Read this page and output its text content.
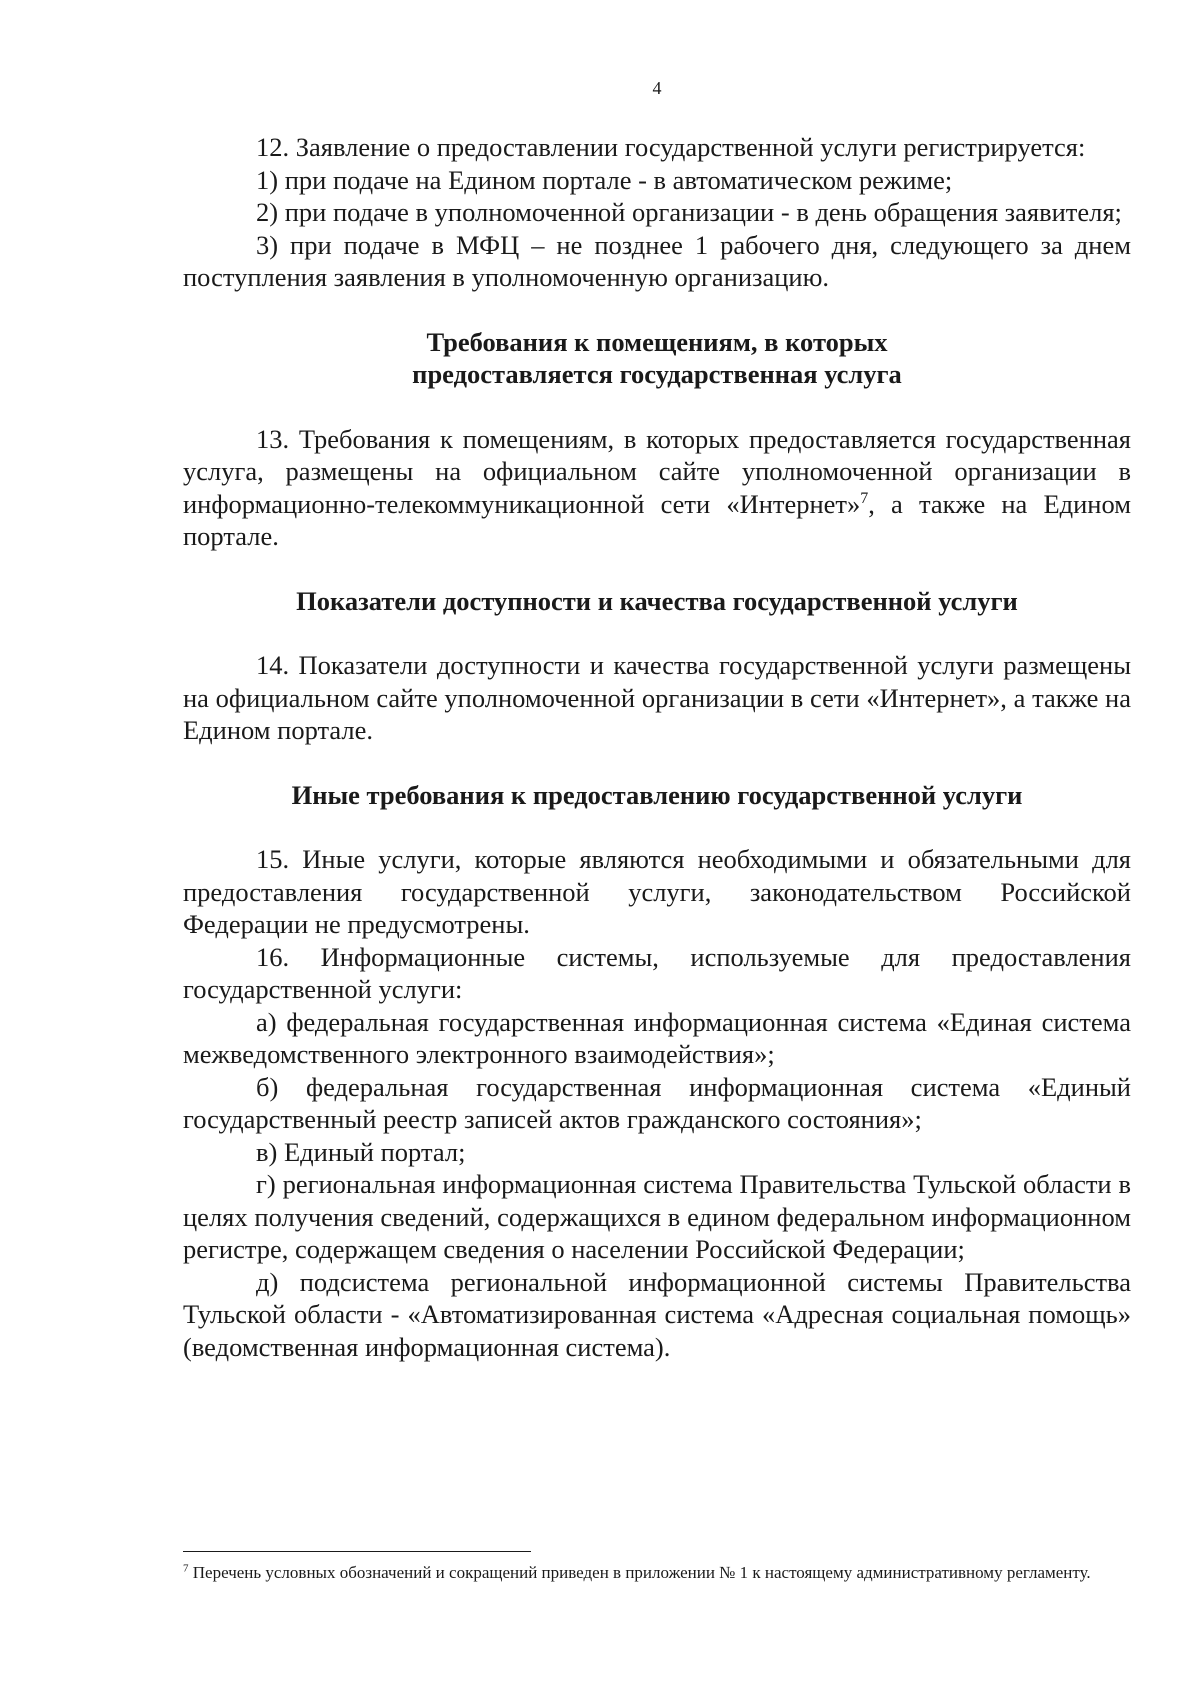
4

12. Заявление о предоставлении государственной услуги регистрируется:

1) при подаче на Едином портале - в автоматическом режиме;

2) при подаче в уполномоченной организации - в день обращения заявителя;

3) при подаче в МФЦ – не позднее 1 рабочего дня, следующего за днем поступления заявления в уполномоченную организацию.

Требования к помещениям, в которых
предоставляется государственная услуга

13. Требования к помещениям, в которых предоставляется государственная услуга, размещены на официальном сайте уполномоченной организации в информационно-телекоммуникационной сети «Интернет»$^7$, а также на Едином портале.

Показатели доступности и качества государственной услуги

14. Показатели доступности и качества государственной услуги размещены на официальном сайте уполномоченной организации в сети «Интернет», а также на Едином портале.

Иные требования к предоставлению государственной услуги

15. Иные услуги, которые являются необходимыми и обязательными для предоставления государственной услуги, законодательством Российской Федерации не предусмотрены.

16. Информационные системы, используемые для предоставления государственной услуги:

а) федеральная государственная информационная система «Единая система межведомственного электронного взаимодействия»;

б) федеральная государственная информационная система «Единый государственный реестр записей актов гражданского состояния»;

в) Единый портал;

г) региональная информационная система Правительства Тульской области в целях получения сведений, содержащихся в едином федеральном информационном регистре, содержащем сведения о населении Российской Федерации;

д) подсистема региональной информационной системы Правительства Тульской области - «Автоматизированная система «Адресная социальная помощь» (ведомственная информационная система).

$^7$ Перечень условных обозначений и сокращений приведен в приложении № 1 к настоящему административному регламенту.
